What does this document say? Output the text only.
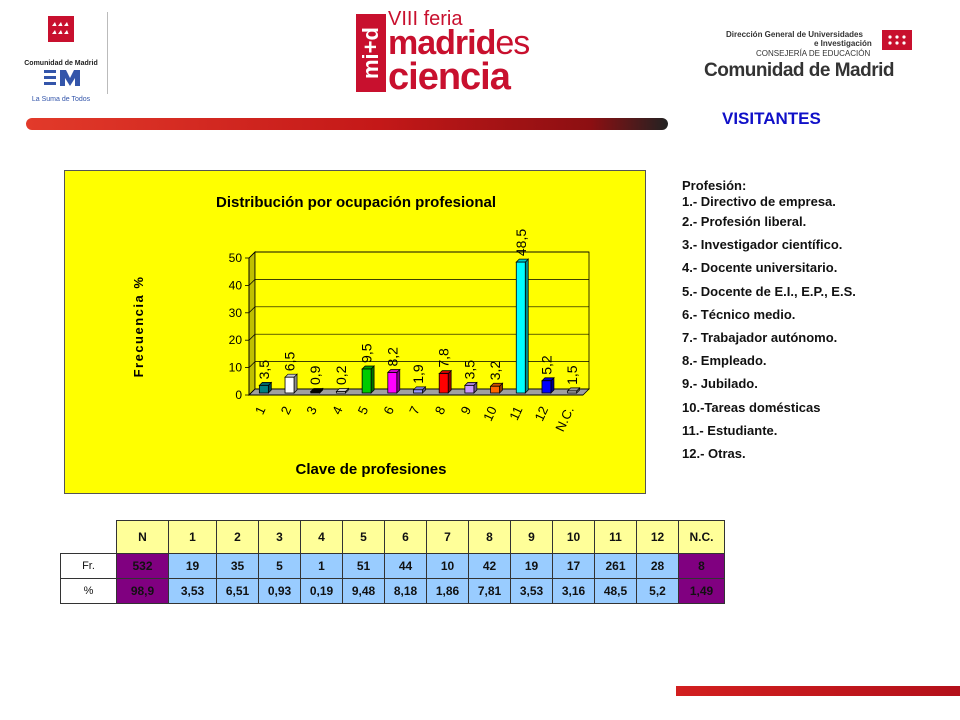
Comunidad de Madrid
La Suma de Todos
mi+d
VIII feria
madrides
ciencia
Dirección General de Universidades
e Investigación
CONSEJERÍA DE EDUCACIÓN
Comunidad de Madrid
VISITANTES
Distribución por ocupación profesional
0
10
20
30
40
50
Frecuencia %
Clave de profesiones
3,5
1
6,5
2
0,9
3
0,2
4
9,5
5
8,2
6
1,9
7
7,8
8
3,5
9
3,2
10
48,5
11
5,2
12
1,5
N.C.
Profesión:
1.- Directivo de empresa.
2.- Profesión liberal.
3.- Investigador científico.
4.- Docente universitario.
5.- Docente de E.I., E.P., E.S.
6.- Técnico medio.
7.- Trabajador autónomo.
8.- Empleado.
9.- Jubilado.
10.-Tareas domésticas
11.- Estudiante.
12.- Otras.
	N	1	2	3	4	5	6	7	8	9	10	11	12	N.C.
Fr.	532	19	35	5	1	51	44	10	42	19	17	261	28	8
%	98,9	3,53	6,51	0,93	0,19	9,48	8,18	1,86	7,81	3,53	3,16	48,5	5,2	1,49
